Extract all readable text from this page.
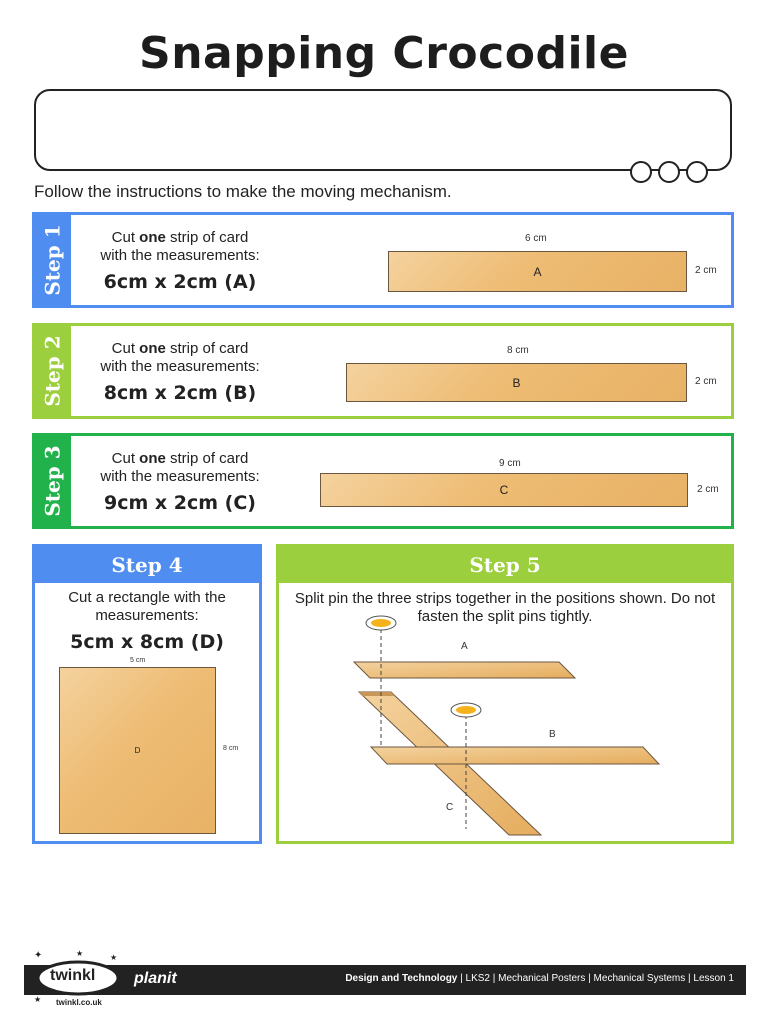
Snapping Crocodile
Follow the instructions to make the moving mechanism.
Step 1	Cut one strip of card
with the measurements:
6cm x 2cm (A)
6 cm
A	2 cm
Step 2	Cut one strip of card
with the measurements:
8cm x 2cm (B)
8 cm
B	2 cm
Step 3	Cut one strip of card
with the measurements:
9cm x 2cm (C)
9 cm
C	2 cm
Step 4
Cut a rectangle with the
measurements:
5cm x 8cm (D)
5 cm
D	8 cm
Step 5
Split pin the three strips together in the positions shown. Do not fasten the split pins tightly.
A
B
C
Design and Technology | LKS2 | Mechanical Posters | Mechanical Systems | Lesson 1
✦	★	★
★
twinkl
twinkl.co.uk
planit
